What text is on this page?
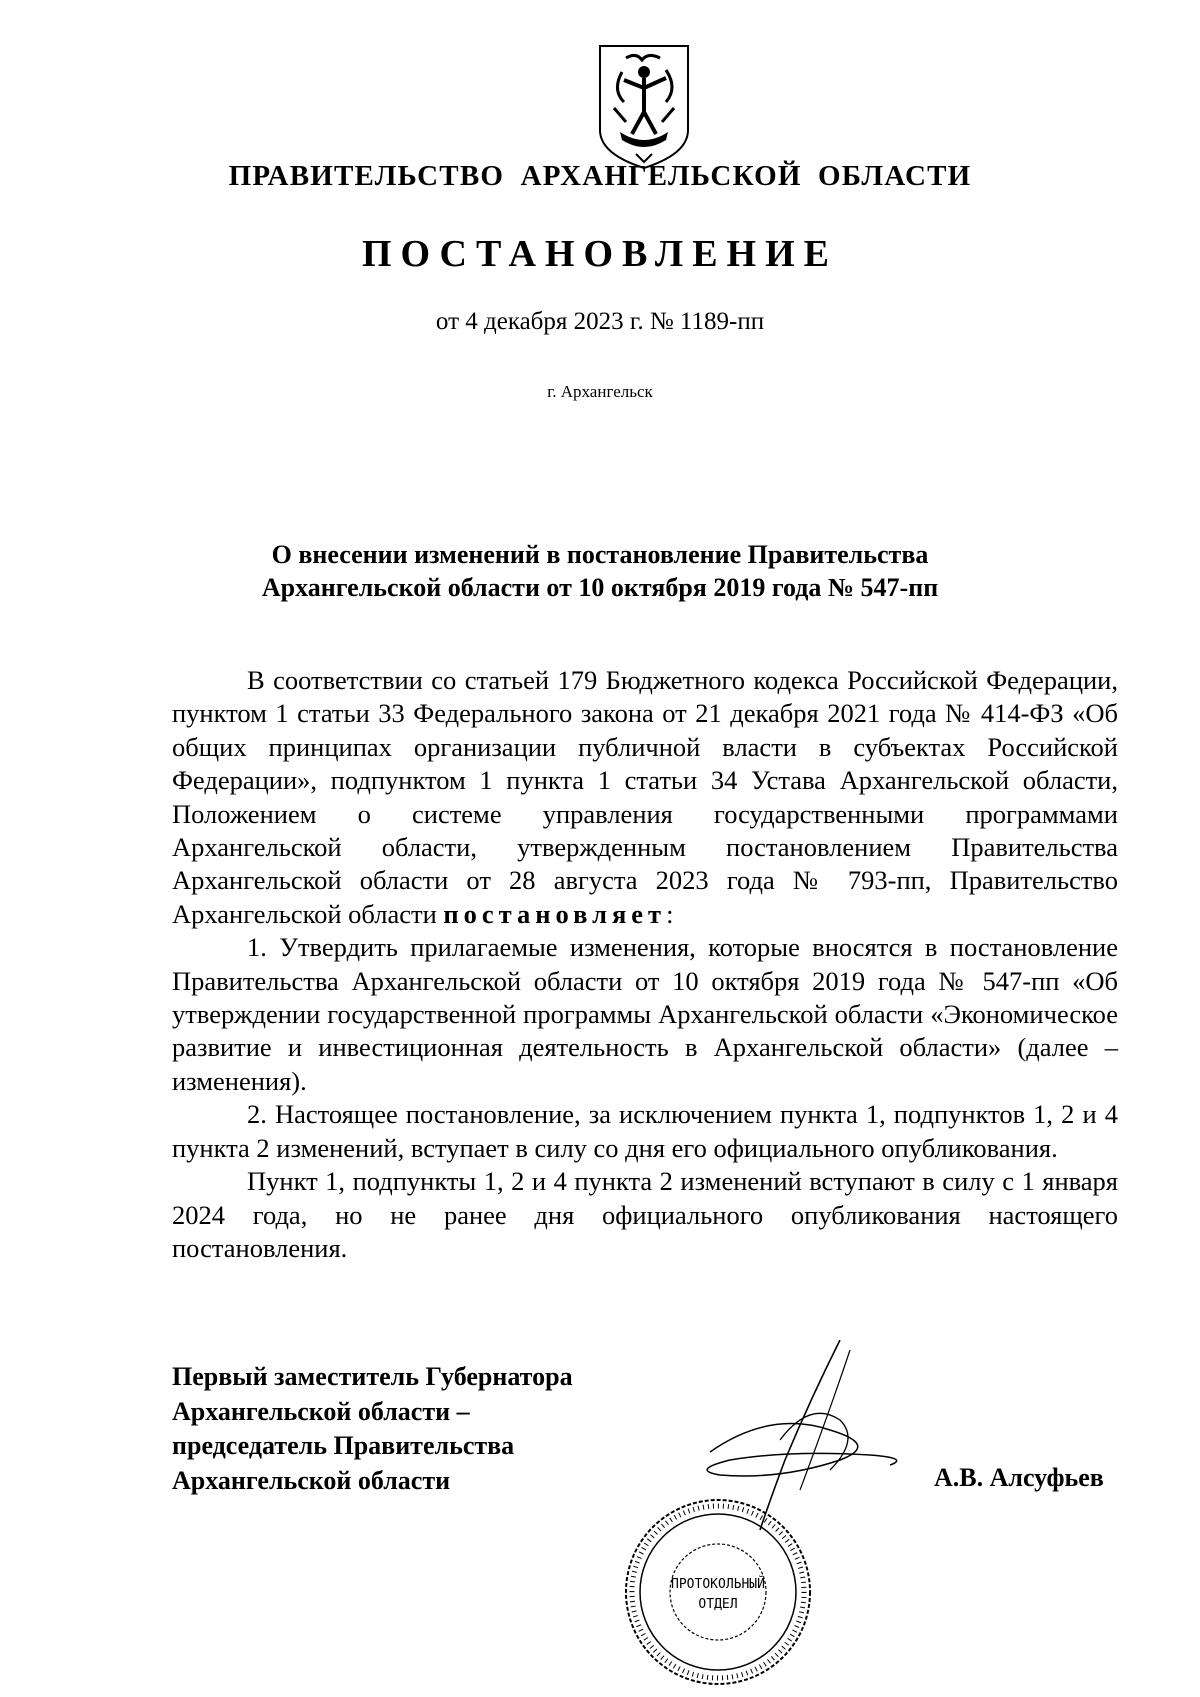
ПРАВИТЕЛЬСТВО АРХАНГЕЛЬСКОЙ ОБЛАСТИ
ПОСТАНОВЛЕНИЕ
от 4 декабря 2023 г. № 1189-пп
г. Архангельск
О внесении изменений в постановление Правительства
Архангельской области от 10 октября 2019 года № 547-пп

В соответствии со статьей 179 Бюджетного кодекса Российской Федерации, пунктом 1 статьи 33 Федерального закона от 21 декабря 2021 года № 414-ФЗ «Об общих принципах организации публичной власти в субъектах Российской Федерации», подпунктом 1 пункта 1 статьи 34 Устава Архангельской области, Положением о системе управления государственными программами Архангельской области, утвержденным постановлением Правительства Архангельской области от 28 августа 2023 года № 793-пп, Правительство Архангельской области постановляет:

1. Утвердить прилагаемые изменения, которые вносятся в постановление Правительства Архангельской области от 10 октября 2019 года № 547-пп «Об утверждении государственной программы Архангельской области «Экономическое развитие и инвестиционная деятельность в Архангельской области» (далее – изменения).

2. Настоящее постановление, за исключением пункта 1, подпунктов 1, 2 и 4 пункта 2 изменений, вступает в силу со дня его официального опубликования.

Пункт 1, подпункты 1, 2 и 4 пункта 2 изменений вступают в силу с 1 января 2024 года, но не ранее дня официального опубликования настоящего постановления.

Первый заместитель Губернатора
Архангельской области –
председатель Правительства
Архангельской области	А.В. Алсуфьев
ПРОТОКОЛЬНЫЙ
ОТДЕЛ
